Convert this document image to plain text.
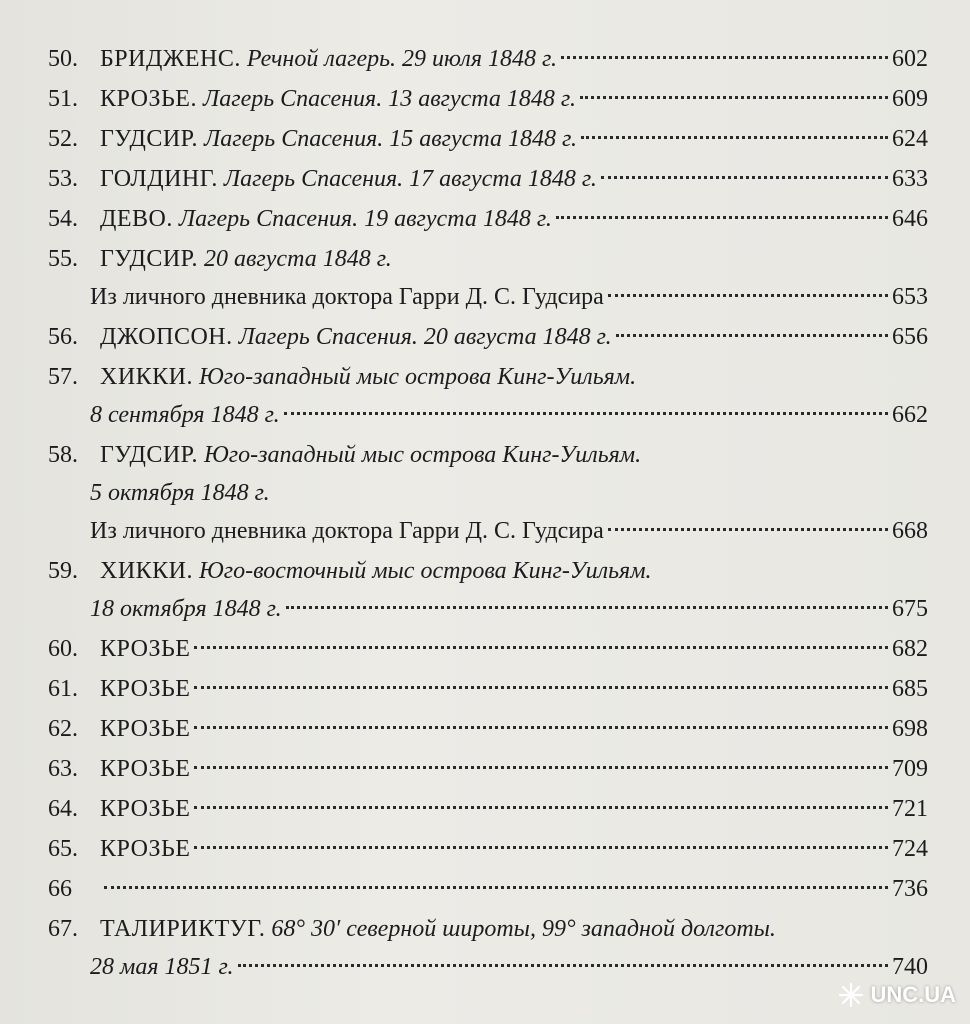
50. БРИДЖЕНС. Речной лагерь. 29 июля 1848 г.	602
51. КРОЗЬЕ. Лагерь Спасения. 13 августа 1848 г.	609
52. ГУДСИР. Лагерь Спасения. 15 августа 1848 г.	624
53. ГОЛДИНГ. Лагерь Спасения. 17 августа 1848 г.	633
54. ДЕВО. Лагерь Спасения. 19 августа 1848 г.	646
55. ГУДСИР. 20 августа 1848 г.
Из личного дневника доктора Гарри Д. С. Гудсира	653
56. ДЖОПСОН. Лагерь Спасения. 20 августа 1848 г.	656
57. ХИККИ. Юго-западный мыс острова Кинг-Уильям.
8 сентября 1848 г.	662
58. ГУДСИР. Юго-западный мыс острова Кинг-Уильям.
5 октября 1848 г.
Из личного дневника доктора Гарри Д. С. Гудсира	668
59. ХИККИ. Юго-восточный мыс острова Кинг-Уильям.
18 октября 1848 г.	675
60. КРОЗЬЕ	682
61. КРОЗЬЕ	685
62. КРОЗЬЕ	698
63. КРОЗЬЕ	709
64. КРОЗЬЕ	721
65. КРОЗЬЕ	724
66	736
67. ТАЛИРИКТУГ. 68° 30′ северной широты, 99° западной долготы.
28 мая 1851 г.	740
UNC.UA
